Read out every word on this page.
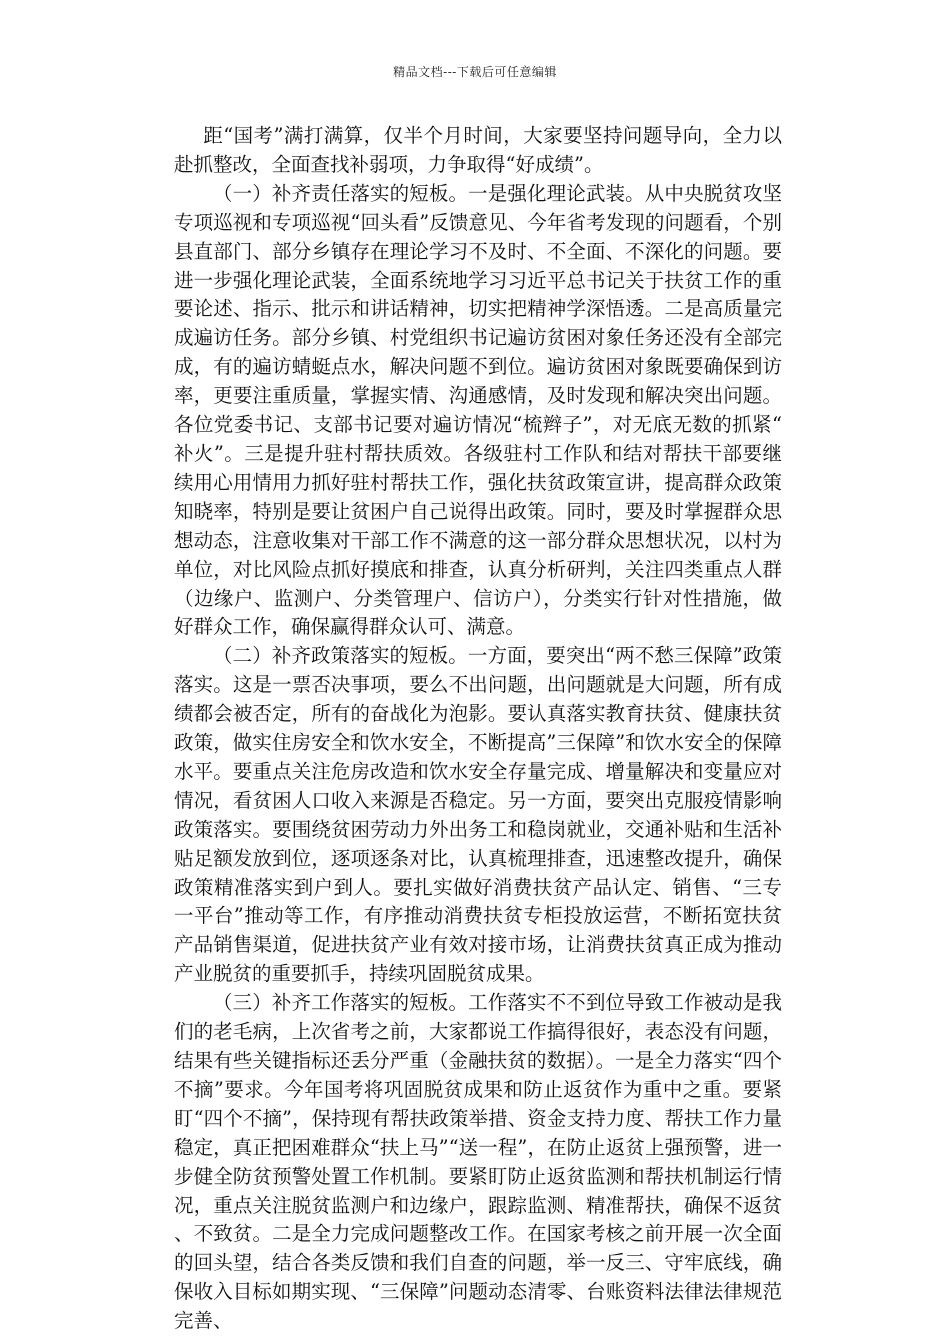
精品文档---下载后可任意编辑

距“国考”满打满算，仅半个月时间，大家要坚持问题导向，全力以赴抓整改，全面查找补弱项，力争取得“好成绩”。

（一）补齐责任落实的短板。一是强化理论武装。从中央脱贫攻坚专项巡视和专项巡视“回头看”反馈意见、今年省考发现的问题看，个别县直部门、部分乡镇存在理论学习不及时、不全面、不深化的问题。要进一步强化理论武装，全面系统地学习习近平总书记关于扶贫工作的重要论述、指示、批示和讲话精神，切实把精神学深悟透。二是高质量完成遍访任务。部分乡镇、村党组织书记遍访贫困对象任务还没有全部完成，有的遍访蜻蜓点水，解决问题不到位。遍访贫困对象既要确保到访率，更要注重质量，掌握实情、沟通感情，及时发现和解决突出问题。各位党委书记、支部书记要对遍访情况“梳辫子”，对无底无数的抓紧“补火”。三是提升驻村帮扶质效。各级驻村工作队和结对帮扶干部要继续用心用情用力抓好驻村帮扶工作，强化扶贫政策宣讲，提高群众政策知晓率，特别是要让贫困户自己说得出政策。同时，要及时掌握群众思想动态，注意收集对干部工作不满意的这一部分群众思想状况，以村为单位，对比风险点抓好摸底和排查，认真分析研判，关注四类重点人群（边缘户、监测户、分类管理户、信访户），分类实行针对性措施，做好群众工作，确保赢得群众认可、满意。

（二）补齐政策落实的短板。一方面，要突出“两不愁三保障”政策落实。这是一票否决事项，要么不出问题，出问题就是大问题，所有成绩都会被否定，所有的奋战化为泡影。要认真落实教育扶贫、健康扶贫政策，做实住房安全和饮水安全，不断提高”三保障”和饮水安全的保障水平。要重点关注危房改造和饮水安全存量完成、增量解决和变量应对情况，看贫困人口收入来源是否稳定。另一方面，要突出克服疫情影响政策落实。要围绕贫困劳动力外出务工和稳岗就业，交通补贴和生活补贴足额发放到位，逐项逐条对比，认真梳理排查，迅速整改提升，确保政策精准落实到户到人。要扎实做好消费扶贫产品认定、销售、“三专一平台”推动等工作，有序推动消费扶贫专柜投放运营，不断拓宽扶贫产品销售渠道，促进扶贫产业有效对接市场，让消费扶贫真正成为推动产业脱贫的重要抓手，持续巩固脱贫成果。

（三）补齐工作落实的短板。工作落实不不到位导致工作被动是我们的老毛病，上次省考之前，大家都说工作搞得很好，表态没有问题，结果有些关键指标还丢分严重（金融扶贫的数据）。一是全力落实“四个不摘”要求。今年国考将巩固脱贫成果和防止返贫作为重中之重。要紧盯“四个不摘”，保持现有帮扶政策举措、资金支持力度、帮扶工作力量稳定，真正把困难群众“扶上马”“送一程”，在防止返贫上强预警，进一步健全防贫预警处置工作机制。要紧盯防止返贫监测和帮扶机制运行情况，重点关注脱贫监测户和边缘户，跟踪监测、精准帮扶，确保不返贫、不致贫。二是全力完成问题整改工作。在国家考核之前开展一次全面的回头望，结合各类反馈和我们自查的问题，举一反三、守牢底线，确保收入目标如期实现、“三保障”问题动态清零、台账资料法律法律规范完善、
